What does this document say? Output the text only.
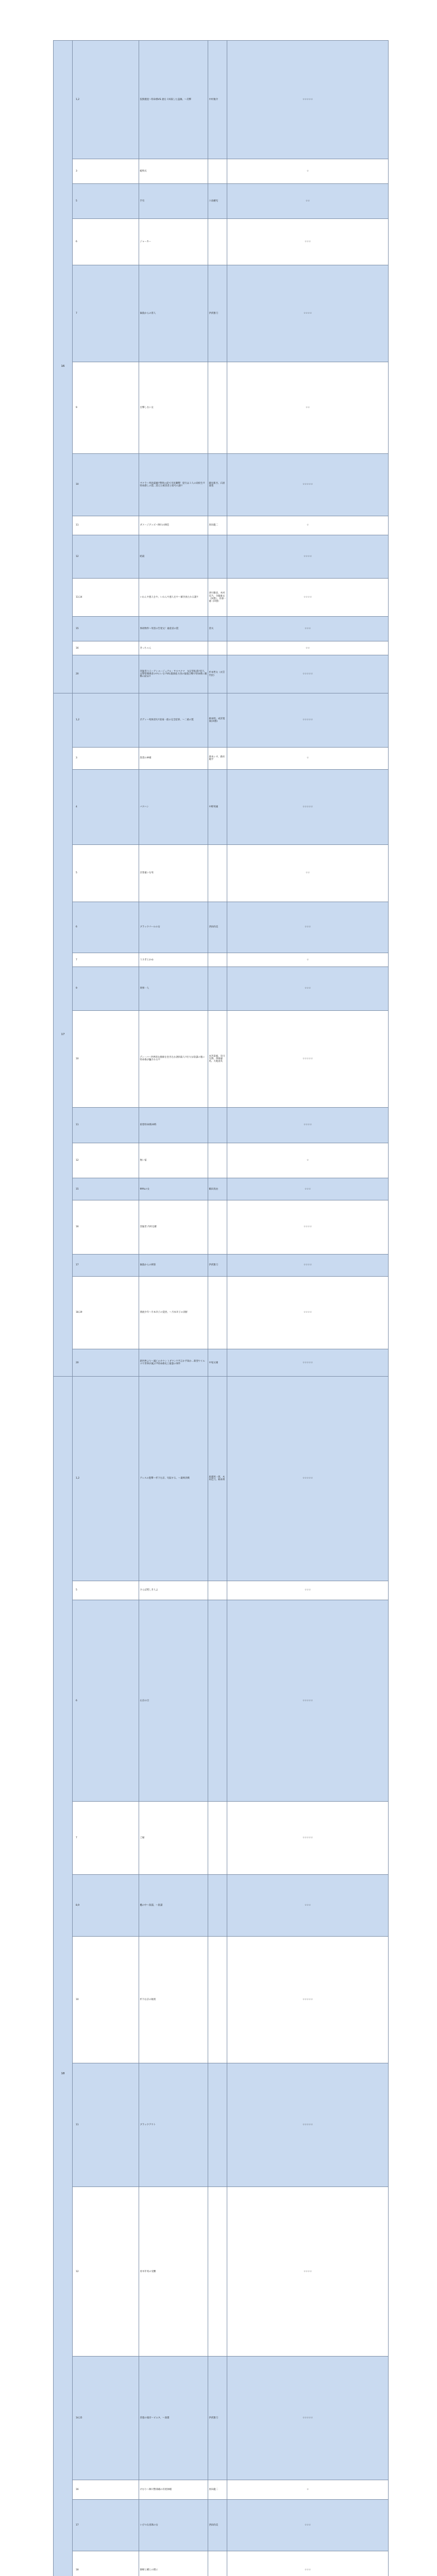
16	1,2	狡猾捜査〜特命係VS.妻を３回殺した盗賊。〜反撃	中村俊介	☆☆☆☆☆	
	3	帳埠式		☆	
	5	手有	六角精児	☆☆	
	6	ジョーカー		☆☆☆	
	7	倫敦からの客人	伊武雅刀	☆☆☆☆	
	9	目撃しない女		☆☆	
	10	サクラ〜列島震撼!!警察の前で市民襲撃！犯行は３人の高校生!?特命潜しの罠…消えた被害者と暗号の謎!!	鏡見新吾、石原貴苑	☆☆☆☆☆	
	11	ダメージグッズ〜陣川の陳恋	原田龍二	☆	
	12	暗殺		☆☆☆☆	
	13,14	いわんや悪人をや、いわんや悪人をや〜解き放たれる謎!!	津川雅彦、木村佳乃、寺脇康文（回想）、岸部一徳（回想）	☆☆☆☆	
	15	事故物件〜死者の告発文！通産省の罠	菅夫	☆☆☆	
	16	きっちゃん		☆☆	
	20	容疑者六人〜アンユージュアル・サスペクツ　女記者転落!!犯人は警察関係者の中にいる!?VS.闇酒産力団の報復合戦で特命係に衝撃の結末!!	杉本哲太（衣笠代役）	☆☆☆☆☆	
17	1,2	ボディ〜死体消失!!富豪一族の完全犯罪、〜二重の罠	柄本明、成宮寛貴(回想)	☆☆☆☆☆	
	3	辞書の神様	森本レオ、森田順平	☆	
	4	バクハン	中野英雄	☆☆☆☆☆	
	5	計算違いな男		☆☆	
	6	ブラックパールの女	西田尚美	☆☆☆	
	7	うさぎとかめ		☆	
	9	刑事一人		☆☆☆	
	10	ディーバ〜世界的な歌姫を巻き込む誘拐殺人!!壮大な陰謀の裏に特命係が騙される!?	本宮泰風、及川光博、西岡徳馬、大地真央	☆☆☆☆☆	
	11	密着特命係24時		☆☆☆☆	
	12	無い家		☆	
	15	99%の女	鶴田真由	☆☆☆	
	16	容疑者 内村完爾		☆☆☆☆	
	17	倫敦からの刺客	伊武雅刀	☆☆☆☆	
	18,19	漂流少年〜月本幸子の覚悟、〜月本幸子の決断		☆☆☆☆	
	20	新世界より〜滅亡のカウントダウン!!予言か予知か…新型ウイルスで世界が滅ぶ!?特命係史上最悪の事件	中尾文雄	☆☆☆☆☆	
18	1,2	アレスの進撃〜杉下右京、失踪する、〜最終決戦	船越英一郎、木村佳乃、柄本明	☆☆☆☆☆	
	5	さらば愛しき人よ		☆☆☆	
	6	右京の目		☆☆☆☆☆	
	7	ご縁		☆☆☆☆☆	
	8,9	檻の中〜陰謀、〜陰謀		☆☆☆	
	10	杉下右京の秘密		☆☆☆☆☆	
	11	ブラックアウト		☆☆☆☆☆	
	12	青木年男の受難		☆☆☆☆	
	14,15	善悪の彼岸〜ピエタ、〜深淵	伊武雅刀	☆☆☆☆☆	
	16	けむり～陣川警部補の有給休暇	原田龍二	☆	
	17	いびつな真珠の女	西田尚美	☆☆☆	
	18	蜜蜂と鰻との間に		☆☆☆	
